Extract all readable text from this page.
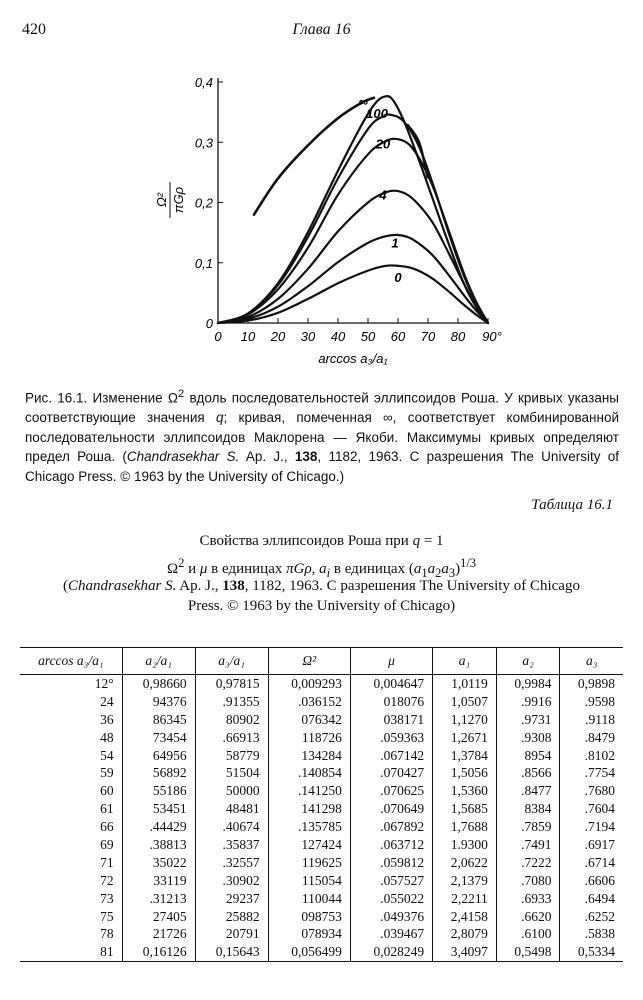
420	Глава 16
0
0,1
0,2
0,3
0,4
0 10 20 30 40 50 60 70 80 90°
arccos a₃/a₁
Ω² πGρ
∞
100
20
4
1
0
Рис. 16.1. Изменение $\Omega^2$ вдоль последовательностей эллипсоидов Роша. У кривых указаны соответствующие значения q; кривая, помеченная ∞, соответствует комбинированной последовательности эллипсоидов Маклорена — Якоби. Максимумы кривых определяют предел Роша. (Chandrasekhar S. Ap. J., 138, 1182, 1963. С разрешения The University of Chicago Press. © 1963 by the University of Chicago.)
Таблица 16.1
Свойства эллипсоидов Роша при q = 1
$\Omega^2$ и μ в единицах πGρ, $a_i$ в единицах $(a_1a_2a_3)^{1/3}$
(Chandrasekhar S. Ap. J., 138, 1182, 1963. С разрешения The University of Chicago
Press. © 1963 by the University of Chicago)
arccos a₃/a₁	a₂/a₁	a₃/a₁	Ω²	μ	a₁	a₂	a₃
12°	0,98660	0,97815	0,009293	0,004647	1,0119	0,9984	0,9898
24	94376	.91355	.036152	018076	1,0507	.9916	.9598
36	86345	80902	076342	038171	1,1270	.9731	.9118
48	73454	.66913	118726	.059363	1,2671	.9308	.8479
54	64956	58779	134284	.067142	1,3784	8954	.8102
59	56892	51504	.140854	.070427	1,5056	.8566	.7754
60	55186	50000	.141250	.070625	1,5360	.8477	.7680
61	53451	48481	141298	.070649	1,5685	8384	.7604
66	.44429	.40674	.135785	.067892	1,7688	.7859	.7194
69	.38813	.35837	127424	.063712	1.9300	.7491	.6917
71	35022	.32557	119625	.059812	2,0622	.7222	.6714
72	33119	.30902	115054	.057527	2,1379	.7080	.6606
73	.31213	29237	110044	.055022	2,2211	.6933	.6494
75	27405	25882	098753	.049376	2,4158	.6620	.6252
78	21726	20791	078934	.039467	2,8079	.6100	.5838
81	0,16126	0,15643	0,056499	0,028249	3,4097	0,5498	0,5334
